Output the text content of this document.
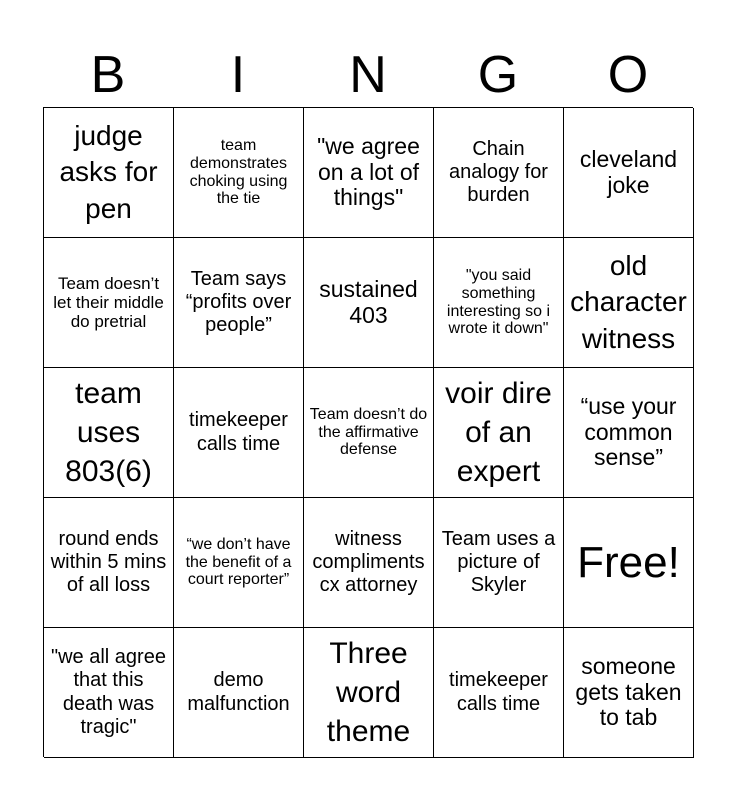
B	I	N	G	O
judge asks for pen
team demonstrates choking using the tie
"we agree on a lot of things"
Chain analogy for burden
cleveland joke
Team doesn’t let their middle do pretrial
Team says “profits over people”
sustained 403
"you said something interesting so i wrote it down"
old character witness
team uses 803(6)
timekeeper calls time
Team doesn’t do the affirmative defense
voir dire of an expert
“use your common sense”
round ends within 5 mins of all loss
“we don’t have the benefit of a court reporter”
witness compliments cx attorney
Team uses a picture of Skyler	Free!
"we all agree that this death was tragic"
demo malfunction
Three word theme
timekeeper calls time
someone gets taken to tab
